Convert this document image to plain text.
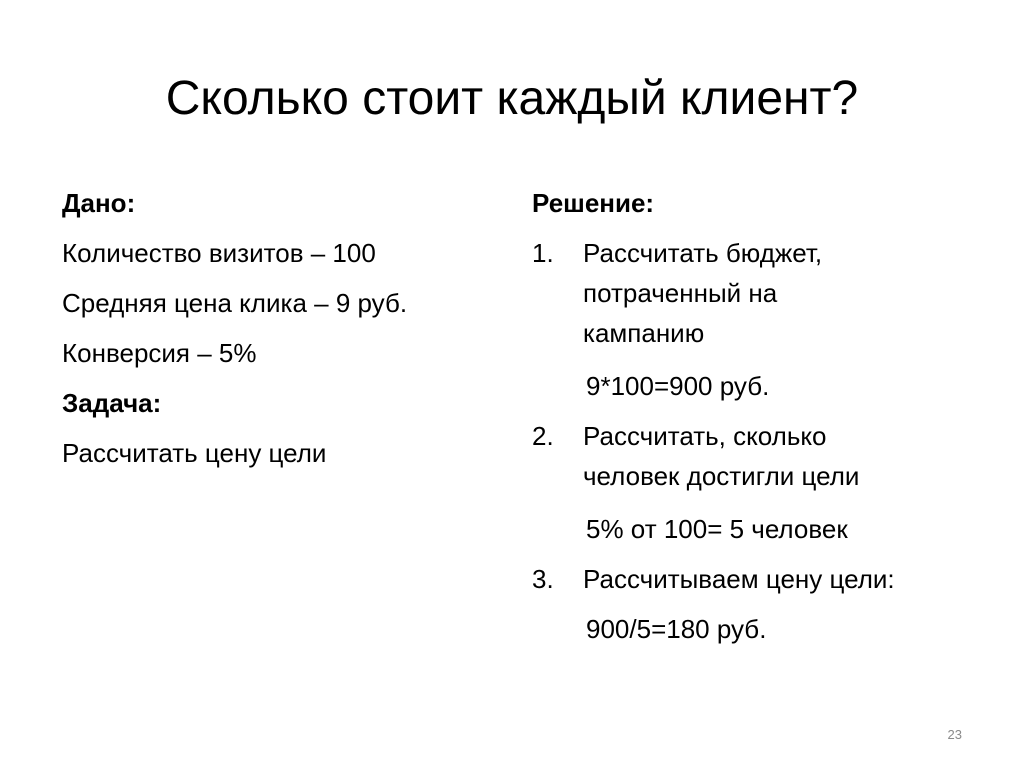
Сколько стоит каждый клиент?
Дано:
Количество визитов – 100
Средняя цена клика – 9 руб.
Конверсия – 5%
Задача:
Рассчитать цену цели
Решение:
1.	Рассчитать бюджет,
потраченный на
кампанию
9*100=900 руб.
2.	Рассчитать, сколько
человек достигли цели
5% от 100= 5 человек
3.	Рассчитываем цену цели:
900/5=180 руб.
23
